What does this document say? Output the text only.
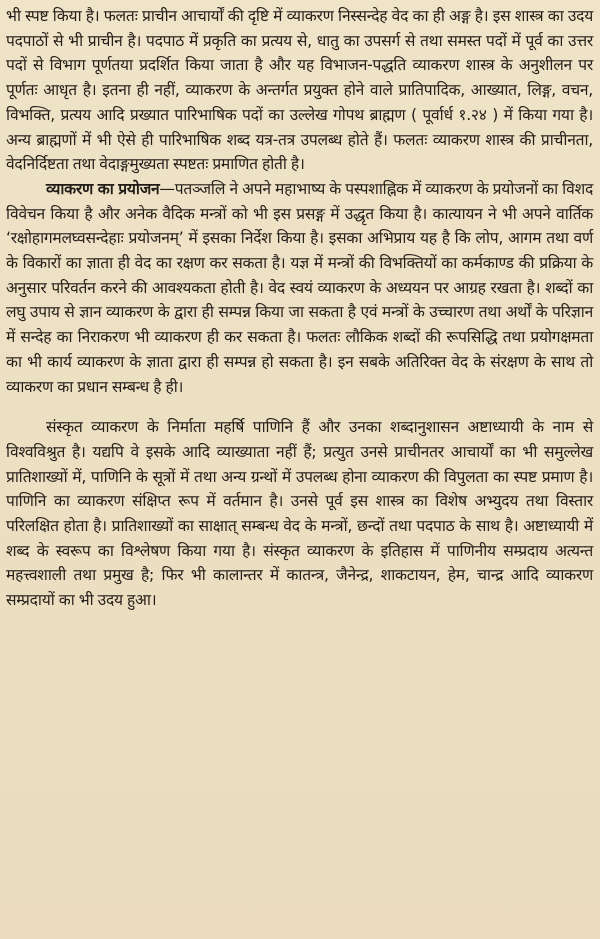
भी स्पष्ट किया है। फलतः प्राचीन आचार्यों की दृष्टि में व्याकरण निस्सन्देह वेद का ही अङ्ग है। इस शास्त्र का उदय पदपाठों से भी प्राचीन है। पदपाठ में प्रकृति का प्रत्यय से, धातु का उपसर्ग से तथा समस्त पदों में पूर्व का उत्तर पदों से विभाग पूर्णतया प्रदर्शित किया जाता है और यह विभाजन-पद्धति व्याकरण शास्त्र के अनुशीलन पर पूर्णतः आधृत है। इतना ही नहीं, व्याकरण के अन्तर्गत प्रयुक्त होने वाले प्रातिपादिक, आख्यात, लिङ्ग, वचन, विभक्ति, प्रत्यय आदि प्रख्यात पारिभाषिक पदों का उल्लेख गोपथ ब्राह्मण ( पूर्वार्ध १.२४ ) में किया गया है। अन्य ब्राह्मणों में भी ऐसे ही पारिभाषिक शब्द यत्र-तत्र उपलब्ध होते हैं। फलतः व्याकरण शास्त्र की प्राचीनता, वेदनिर्दिष्टता तथा वेदाङ्गमुख्यता स्पष्टतः प्रमाणित होती है।

व्याकरण का प्रयोजन—पतञ्जलि ने अपने महाभाष्य के पस्पशाह्निक में व्याकरण के प्रयोजनों का विशद विवेचन किया है और अनेक वैदिक मन्त्रों को भी इस प्रसङ्ग में उद्धृत किया है। कात्यायन ने भी अपने वार्तिक ‘रक्षोहागमलघ्वसन्देहाः प्रयोजनम्’ में इसका निर्देश किया है। इसका अभिप्राय यह है कि लोप, आगम तथा वर्ण के विकारों का ज्ञाता ही वेद का रक्षण कर सकता है। यज्ञ में मन्त्रों की विभक्तियों का कर्मकाण्ड की प्रक्रिया के अनुसार परिवर्तन करने की आवश्यकता होती है। वेद स्वयं व्याकरण के अध्ययन पर आग्रह रखता है। शब्दों का लघु उपाय से ज्ञान व्याकरण के द्वारा ही सम्पन्न किया जा सकता है एवं मन्त्रों के उच्चारण तथा अर्थों के परिज्ञान में सन्देह का निराकरण भी व्याकरण ही कर सकता है। फलतः लौकिक शब्दों की रूपसिद्धि तथा प्रयोगक्षमता का भी कार्य व्याकरण के ज्ञाता द्वारा ही सम्पन्न हो सकता है। इन सबके अतिरिक्त वेद के संरक्षण के साथ तो व्याकरण का प्रधान सम्बन्ध है ही।

संस्कृत व्याकरण के निर्माता महर्षि पाणिनि हैं और उनका शब्दानुशासन अष्टाध्यायी के नाम से विश्वविश्रुत है। यद्यपि वे इसके आदि व्याख्याता नहीं हैं; प्रत्युत उनसे प्राचीनतर आचार्यों का भी समुल्लेख प्रातिशाख्यों में, पाणिनि के सूत्रों में तथा अन्य ग्रन्थों में उपलब्ध होना व्याकरण की विपुलता का स्पष्ट प्रमाण है। पाणिनि का व्याकरण संक्षिप्त रूप में वर्तमान है। उनसे पूर्व इस शास्त्र का विशेष अभ्युदय तथा विस्तार परिलक्षित होता है। प्रातिशाख्यों का साक्षात् सम्बन्ध वेद के मन्त्रों, छन्दों तथा पदपाठ के साथ है। अष्टाध्यायी में शब्द के स्वरूप का विश्लेषण किया गया है। संस्कृत व्याकरण के इतिहास में पाणिनीय सम्प्रदाय अत्यन्त महत्त्वशाली तथा प्रमुख है; फिर भी कालान्तर में कातन्त्र, जैनेन्द्र, शाकटायन, हेम, चान्द्र आदि व्याकरण सम्प्रदायों का भी उदय हुआ।
